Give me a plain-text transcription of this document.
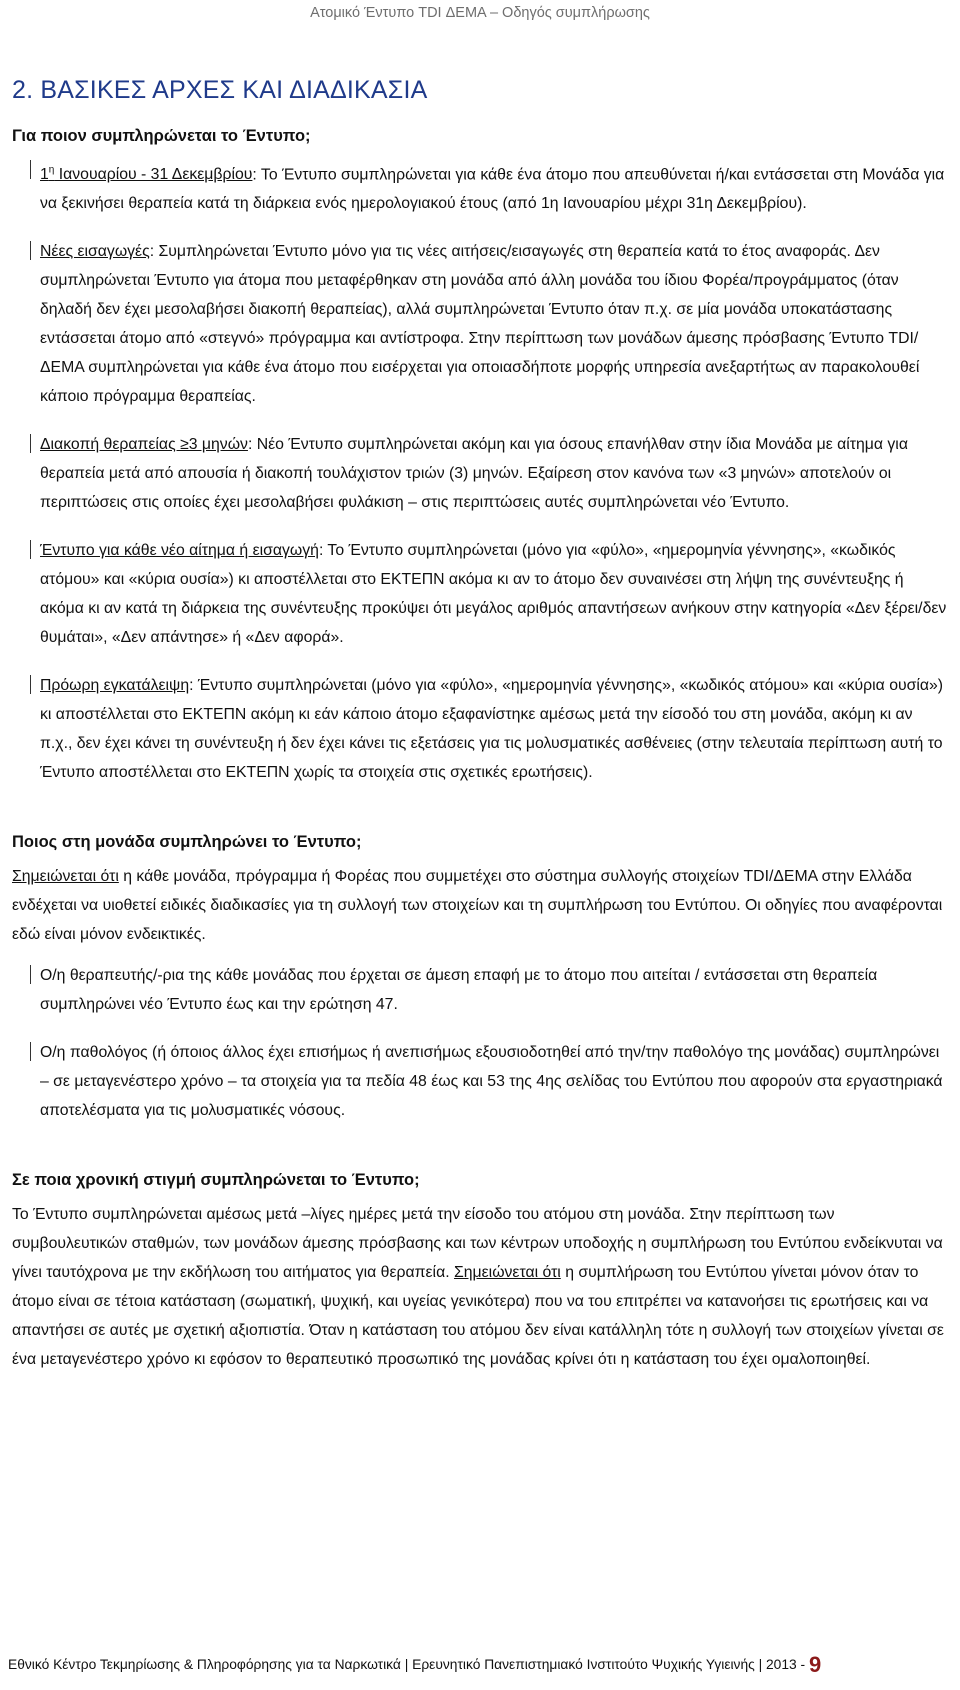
Ατομικό Έντυπο TDI ΔΕΜΑ – Οδηγός συμπλήρωσης
2. ΒΑΣΙΚΕΣ ΑΡΧΕΣ ΚΑΙ ΔΙΑΔΙΚΑΣΙΑ
Για ποιον συμπληρώνεται το Έντυπο;

$1^\eta$ Ιανουαρίου - 31 Δεκεμβρίου: Το Έντυπο συμπληρώνεται για κάθε ένα άτομο που απευθύνεται ή/και εντάσσεται στη Μονάδα για να ξεκινήσει θεραπεία κατά τη διάρκεια ενός ημερολογιακού έτους (από 1η Ιανουαρίου μέχρι 31η Δεκεμβρίου).

Νέες εισαγωγές: Συμπληρώνεται Έντυπο μόνο για τις νέες αιτήσεις/εισαγωγές στη θεραπεία κατά το έτος αναφοράς. Δεν συμπληρώνεται Έντυπο για άτομα που μεταφέρθηκαν στη μονάδα από άλλη μονάδα του ίδιου Φορέα/προγράμματος (όταν δηλαδή δεν έχει μεσολαβήσει διακοπή θεραπείας), αλλά συμπληρώνεται Έντυπο όταν π.χ. σε μία μονάδα υποκατάστασης εντάσσεται άτομο από «στεγνό» πρόγραμμα και αντίστροφα. Στην περίπτωση των μονάδων άμεσης πρόσβασης Έντυπο TDI/ΔΕΜΑ συμπληρώνεται για κάθε ένα άτομο που εισέρχεται για οποιασδήποτε μορφής υπηρεσία ανεξαρτήτως αν παρακολουθεί κάποιο πρόγραμμα θεραπείας.

Διακοπή θεραπείας ≥3 μηνών: Νέο Έντυπο συμπληρώνεται ακόμη και για όσους επανήλθαν στην ίδια Μονάδα με αίτημα για θεραπεία μετά από απουσία ή διακοπή τουλάχιστον τριών (3) μηνών. Εξαίρεση στον κανόνα των «3 μηνών» αποτελούν οι περιπτώσεις στις οποίες έχει μεσολαβήσει φυλάκιση – στις περιπτώσεις αυτές συμπληρώνεται νέο Έντυπο.

Έντυπο για κάθε νέο αίτημα ή εισαγωγή: Το Έντυπο συμπληρώνεται (μόνο για «φύλο», «ημερομηνία γέννησης», «κωδικός ατόμου» και «κύρια ουσία») κι αποστέλλεται στο ΕΚΤΕΠΝ ακόμα κι αν το άτομο δεν συναινέσει στη λήψη της συνέντευξης ή ακόμα κι αν κατά τη διάρκεια της συνέντευξης προκύψει ότι μεγάλος αριθμός απαντήσεων ανήκουν στην κατηγορία «Δεν ξέρει/δεν θυμάται», «Δεν απάντησε» ή «Δεν αφορά».

Πρόωρη εγκατάλειψη: Έντυπο συμπληρώνεται (μόνο για «φύλο», «ημερομηνία γέννησης», «κωδικός ατόμου» και «κύρια ουσία») κι αποστέλλεται στο ΕΚΤΕΠΝ ακόμη κι εάν κάποιο άτομο εξαφανίστηκε αμέσως μετά την είσοδό του στη μονάδα, ακόμη κι αν π.χ., δεν έχει κάνει τη συνέντευξη ή δεν έχει κάνει τις εξετάσεις για τις μολυσματικές ασθένειες (στην τελευταία περίπτωση αυτή το Έντυπο αποστέλλεται στο ΕΚΤΕΠΝ χωρίς τα στοιχεία στις σχετικές ερωτήσεις).

Ποιος στη μονάδα συμπληρώνει το Έντυπο;

Σημειώνεται ότι η κάθε μονάδα, πρόγραμμα ή Φορέας που συμμετέχει στο σύστημα συλλογής στοιχείων TDI/ΔΕΜΑ στην Ελλάδα ενδέχεται να υιοθετεί ειδικές διαδικασίες για τη συλλογή των στοιχείων και τη συμπλήρωση του Εντύπου. Οι οδηγίες που αναφέρονται εδώ είναι μόνον ενδεικτικές.

Ο/η θεραπευτής/-ρια της κάθε μονάδας που έρχεται σε άμεση επαφή με το άτομο που αιτείται / εντάσσεται στη θεραπεία συμπληρώνει νέο Έντυπο έως και την ερώτηση 47.

Ο/η παθολόγος (ή όποιος άλλος έχει επισήμως ή ανεπισήμως εξουσιοδοτηθεί από την/την παθολόγο της μονάδας) συμπληρώνει – σε μεταγενέστερο χρόνο – τα στοιχεία για τα πεδία 48 έως και 53 της 4ης σελίδας του Εντύπου που αφορούν στα εργαστηριακά αποτελέσματα για τις μολυσματικές νόσους.

Σε ποια χρονική στιγμή συμπληρώνεται το Έντυπο;

Το Έντυπο συμπληρώνεται αμέσως μετά –λίγες ημέρες μετά την είσοδο του ατόμου στη μονάδα. Στην περίπτωση των συμβουλευτικών σταθμών, των μονάδων άμεσης πρόσβασης και των κέντρων υποδοχής η συμπλήρωση του Εντύπου ενδείκνυται να γίνει ταυτόχρονα με την εκδήλωση του αιτήματος για θεραπεία. Σημειώνεται ότι η συμπλήρωση του Εντύπου γίνεται μόνον όταν το άτομο είναι σε τέτοια κατάσταση (σωματική, ψυχική, και υγείας γενικότερα) που να του επιτρέπει να κατανοήσει τις ερωτήσεις και να απαντήσει σε αυτές με σχετική αξιοπιστία. Όταν η κατάσταση του ατόμου δεν είναι κατάλληλη τότε η συλλογή των στοιχείων γίνεται σε ένα μεταγενέστερο χρόνο κι εφόσον το θεραπευτικό προσωπικό της μονάδας κρίνει ότι η κατάσταση του έχει ομαλοποιηθεί.

Εθνικό Κέντρο Τεκμηρίωσης & Πληροφόρησης για τα Ναρκωτικά | Ερευνητικό Πανεπιστημιακό Ινστιτούτο Ψυχικής Υγιεινής | 2013 - 9
